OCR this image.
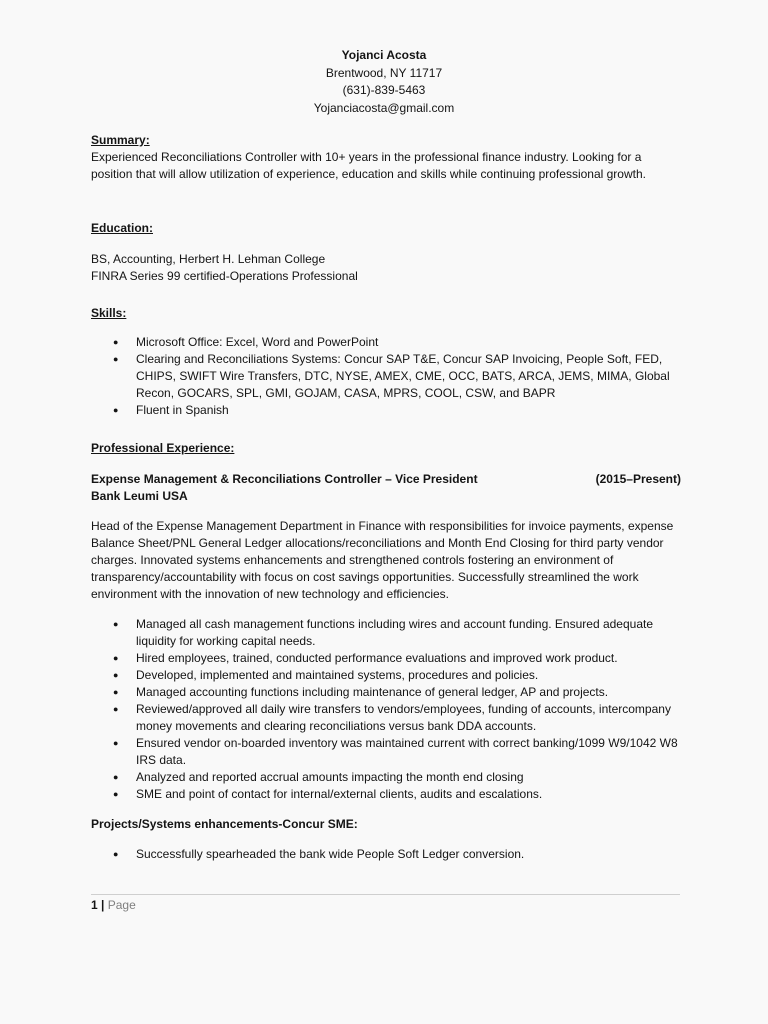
Yojanci Acosta
Brentwood, NY 11717
(631)-839-5463
Yojanciacosta@gmail.com

Summary:

Experienced Reconciliations Controller with 10+ years in the professional finance industry. Looking for a position that will allow utilization of experience, education and skills while continuing professional growth.

Education:

BS, Accounting, Herbert H. Lehman College

FINRA Series 99 certified-Operations Professional

Skills:

● Microsoft Office: Excel, Word and PowerPoint
● Clearing and Reconciliations Systems: Concur SAP T&E, Concur SAP Invoicing, People Soft, FED, CHIPS, SWIFT Wire Transfers, DTC, NYSE, AMEX, CME, OCC, BATS, ARCA, JEMS, MIMA, Global Recon, GOCARS, SPL, GMI, GOJAM, CASA, MPRS, COOL, CSW, and BAPR
● Fluent in Spanish

Professional Experience:

Expense Management & Reconciliations Controller – Vice President	(2015–Present)

Bank Leumi USA

Head of the Expense Management Department in Finance with responsibilities for invoice payments, expense Balance Sheet/PNL General Ledger allocations/reconciliations and Month End Closing for third party vendor charges. Innovated systems enhancements and strengthened controls fostering an environment of transparency/accountability with focus on cost savings opportunities. Successfully streamlined the work environment with the innovation of new technology and efficiencies.

● Managed all cash management functions including wires and account funding. Ensured adequate liquidity for working capital needs.
● Hired employees, trained, conducted performance evaluations and improved work product.
● Developed, implemented and maintained systems, procedures and policies.
● Managed accounting functions including maintenance of general ledger, AP and projects.
● Reviewed/approved all daily wire transfers to vendors/employees, funding of accounts, intercompany money movements and clearing reconciliations versus bank DDA accounts.
● Ensured vendor on-boarded inventory was maintained current with correct banking/1099 W9/1042 W8 IRS data.
● Analyzed and reported accrual amounts impacting the month end closing
● SME and point of contact for internal/external clients, audits and escalations.

Projects/Systems enhancements-Concur SME:

● Successfully spearheaded the bank wide People Soft Ledger conversion.
1 | Page
